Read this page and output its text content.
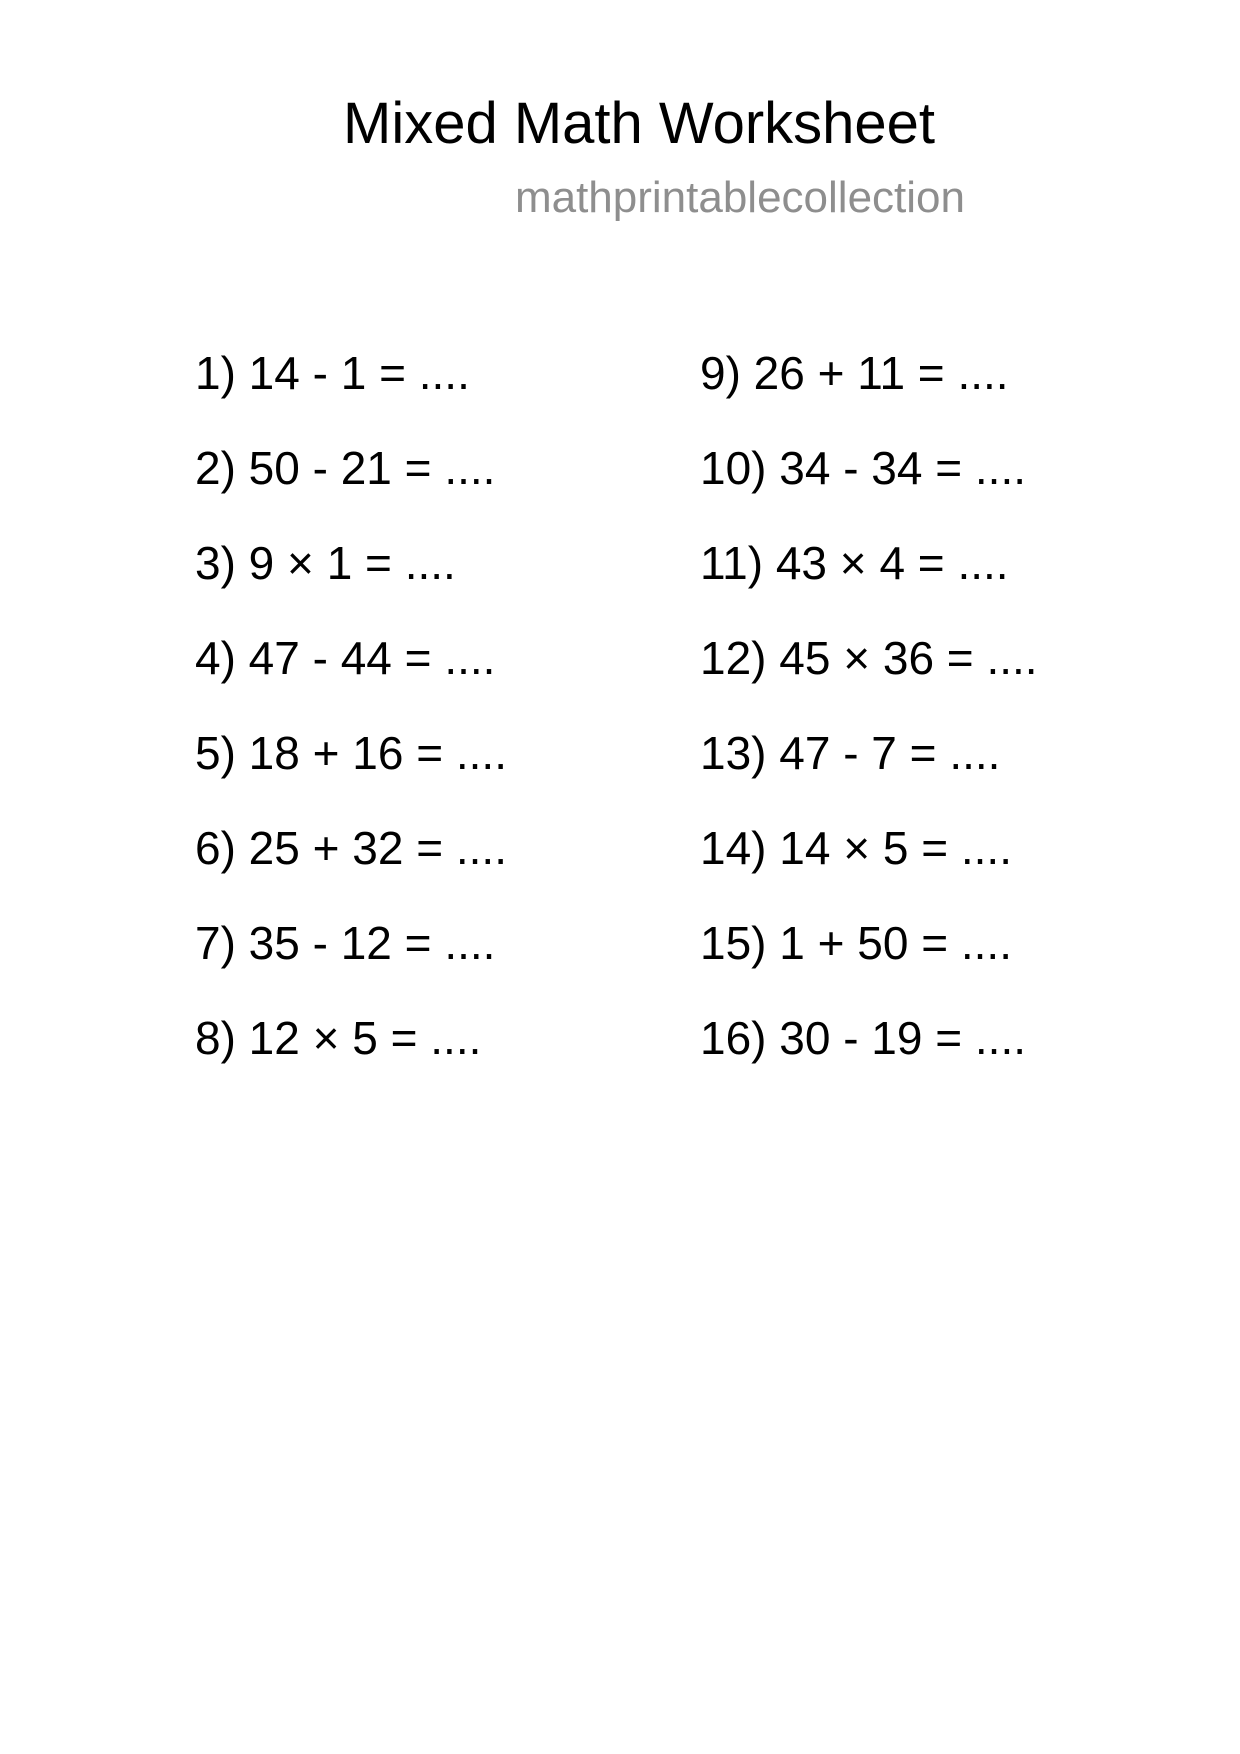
Mixed Math Worksheet
mathprintablecollection
1) 14 - 1 = ....
2) 50 - 21 = ....
3) 9 × 1 = ....
4) 47 - 44 = ....
5) 18 + 16 = ....
6) 25 + 32 = ....
7) 35 - 12 = ....
8) 12 × 5 = ....
9) 26 + 11 = ....
10) 34 - 34 = ....
11) 43 × 4 = ....
12) 45 × 36 = ....
13) 47 - 7 = ....
14) 14 × 5 = ....
15) 1 + 50 = ....
16) 30 - 19 = ....
